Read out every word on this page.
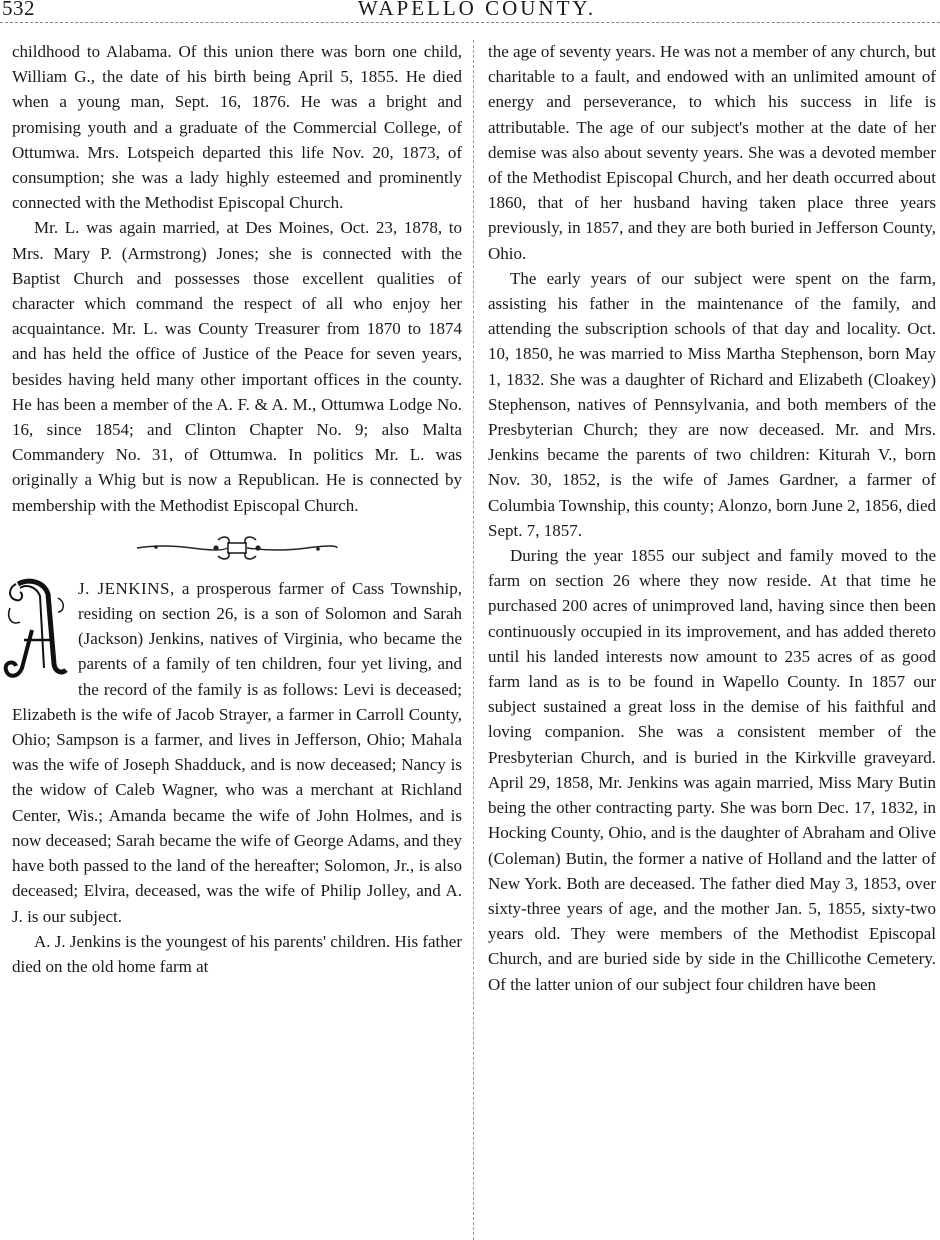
532	WAPELLO COUNTY.

childhood to Alabama. Of this union there was born one child, William G., the date of his birth being April 5, 1855. He died when a young man, Sept. 16, 1876. He was a bright and promising youth and a graduate of the Commercial College, of Ottumwa. Mrs. Lotspeich departed this life Nov. 20, 1873, of consumption; she was a lady highly esteemed and prominently connected with the Methodist Episcopal Church.

Mr. L. was again married, at Des Moines, Oct. 23, 1878, to Mrs. Mary P. (Armstrong) Jones; she is connected with the Baptist Church and possesses those excellent qualities of character which command the respect of all who enjoy her acquaintance. Mr. L. was County Treasurer from 1870 to 1874 and has held the office of Justice of the Peace for seven years, besides having held many other important offices in the county. He has been a member of the A. F. & A. M., Ottumwa Lodge No. 16, since 1854; and Clinton Chapter No. 9; also Malta Commandery No. 31, of Ottumwa. In politics Mr. L. was originally a Whig but is now a Republican. He is connected by membership with the Methodist Episcopal Church.

J. JENKINS, a prosperous farmer of Cass Township, residing on section 26, is a son of Solomon and Sarah (Jackson) Jenkins, natives of Virginia, who became the parents of a family of ten children, four yet living, and the record of the family is as follows: Levi is deceased; Elizabeth is the wife of Jacob Strayer, a farmer in Carroll County, Ohio; Sampson is a farmer, and lives in Jefferson, Ohio; Mahala was the wife of Joseph Shadduck, and is now deceased; Nancy is the widow of Caleb Wagner, who was a merchant at Richland Center, Wis.; Amanda became the wife of John Holmes, and is now deceased; Sarah became the wife of George Adams, and they have both passed to the land of the hereafter; Solomon, Jr., is also deceased; Elvira, deceased, was the wife of Philip Jolley, and A. J. is our subject.

A. J. Jenkins is the youngest of his parents' children. His father died on the old home farm at

the age of seventy years. He was not a member of any church, but charitable to a fault, and endowed with an unlimited amount of energy and perseverance, to which his success in life is attributable. The age of our subject's mother at the date of her demise was also about seventy years. She was a devoted member of the Methodist Episcopal Church, and her death occurred about 1860, that of her husband having taken place three years previously, in 1857, and they are both buried in Jefferson County, Ohio.

The early years of our subject were spent on the farm, assisting his father in the maintenance of the family, and attending the subscription schools of that day and locality. Oct. 10, 1850, he was married to Miss Martha Stephenson, born May 1, 1832. She was a daughter of Richard and Elizabeth (Cloakey) Stephenson, natives of Pennsylvania, and both members of the Presbyterian Church; they are now deceased. Mr. and Mrs. Jenkins became the parents of two children: Kiturah V., born Nov. 30, 1852, is the wife of James Gardner, a farmer of Columbia Township, this county; Alonzo, born June 2, 1856, died Sept. 7, 1857.

During the year 1855 our subject and family moved to the farm on section 26 where they now reside. At that time he purchased 200 acres of unimproved land, having since then been continuously occupied in its improvement, and has added thereto until his landed interests now amount to 235 acres of as good farm land as is to be found in Wapello County. In 1857 our subject sustained a great loss in the demise of his faithful and loving companion. She was a consistent member of the Presbyterian Church, and is buried in the Kirkville graveyard. April 29, 1858, Mr. Jenkins was again married, Miss Mary Butin being the other contracting party. She was born Dec. 17, 1832, in Hocking County, Ohio, and is the daughter of Abraham and Olive (Coleman) Butin, the former a native of Holland and the latter of New York. Both are deceased. The father died May 3, 1853, over sixty-three years of age, and the mother Jan. 5, 1855, sixty-two years old. They were members of the Methodist Episcopal Church, and are buried side by side in the Chillicothe Cemetery. Of the latter union of our subject four children have been
